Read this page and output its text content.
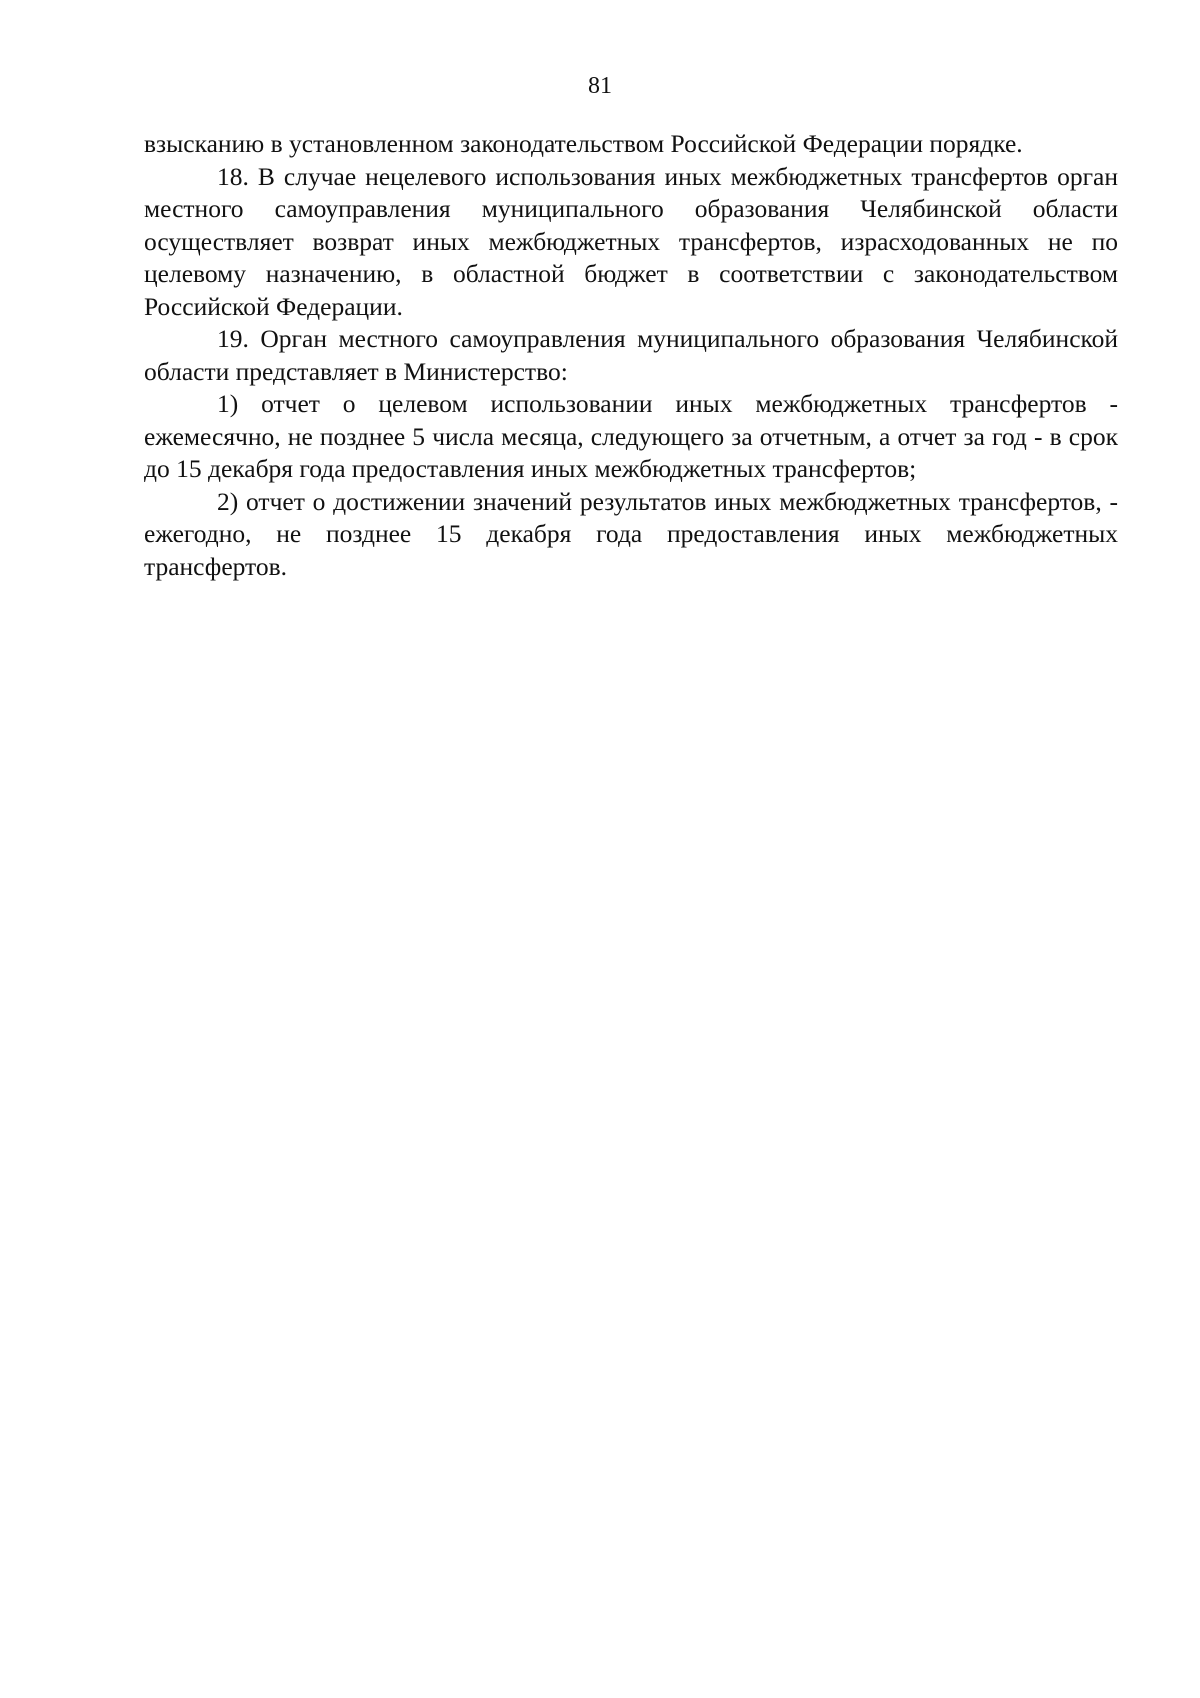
81

взысканию в установленном законодательством Российской Федерации порядке.

18. В случае нецелевого использования иных межбюджетных трансфертов орган местного самоуправления муниципального образования Челябинской области осуществляет возврат иных межбюджетных трансфертов, израсходованных не по целевому назначению, в областной бюджет в соответствии с законодательством Российской Федерации.

19. Орган местного самоуправления муниципального образования Челябинской области представляет в Министерство:

1) отчет о целевом использовании иных межбюджетных трансфертов - ежемесячно, не позднее 5 числа месяца, следующего за отчетным, а отчет за год - в срок до 15 декабря года предоставления иных межбюджетных трансфертов;

2) отчет о достижении значений результатов иных межбюджетных трансфертов, - ежегодно, не позднее 15 декабря года предоставления иных межбюджетных трансфертов.
